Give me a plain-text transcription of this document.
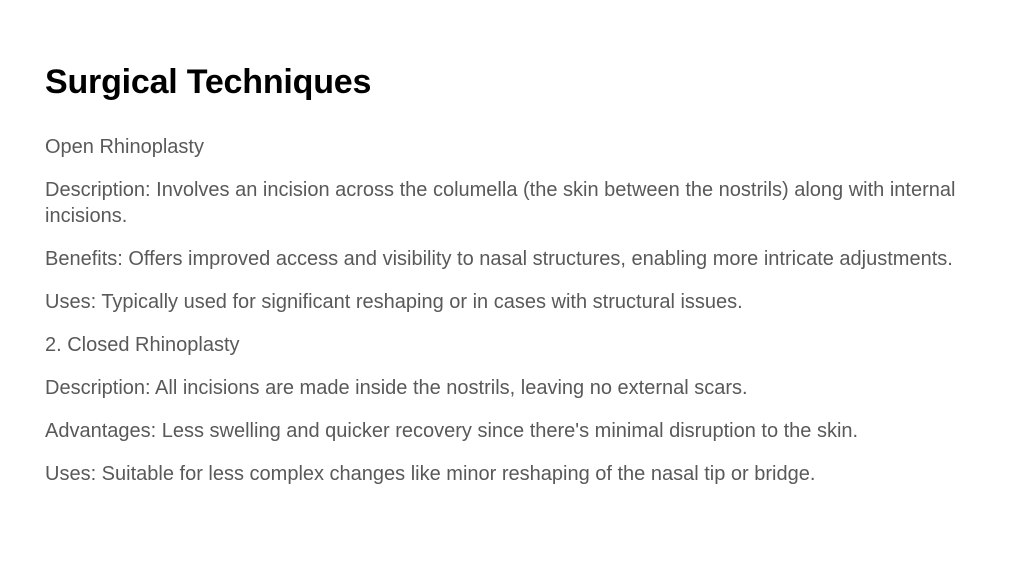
Surgical Techniques

Open Rhinoplasty

Description: Involves an incision across the columella (the skin between the nostrils) along with internal incisions.

Benefits: Offers improved access and visibility to nasal structures, enabling more intricate adjustments.

Uses: Typically used for significant reshaping or in cases with structural issues.

2. Closed Rhinoplasty

Description: All incisions are made inside the nostrils, leaving no external scars.

Advantages: Less swelling and quicker recovery since there's minimal disruption to the skin.

Uses: Suitable for less complex changes like minor reshaping of the nasal tip or bridge.
